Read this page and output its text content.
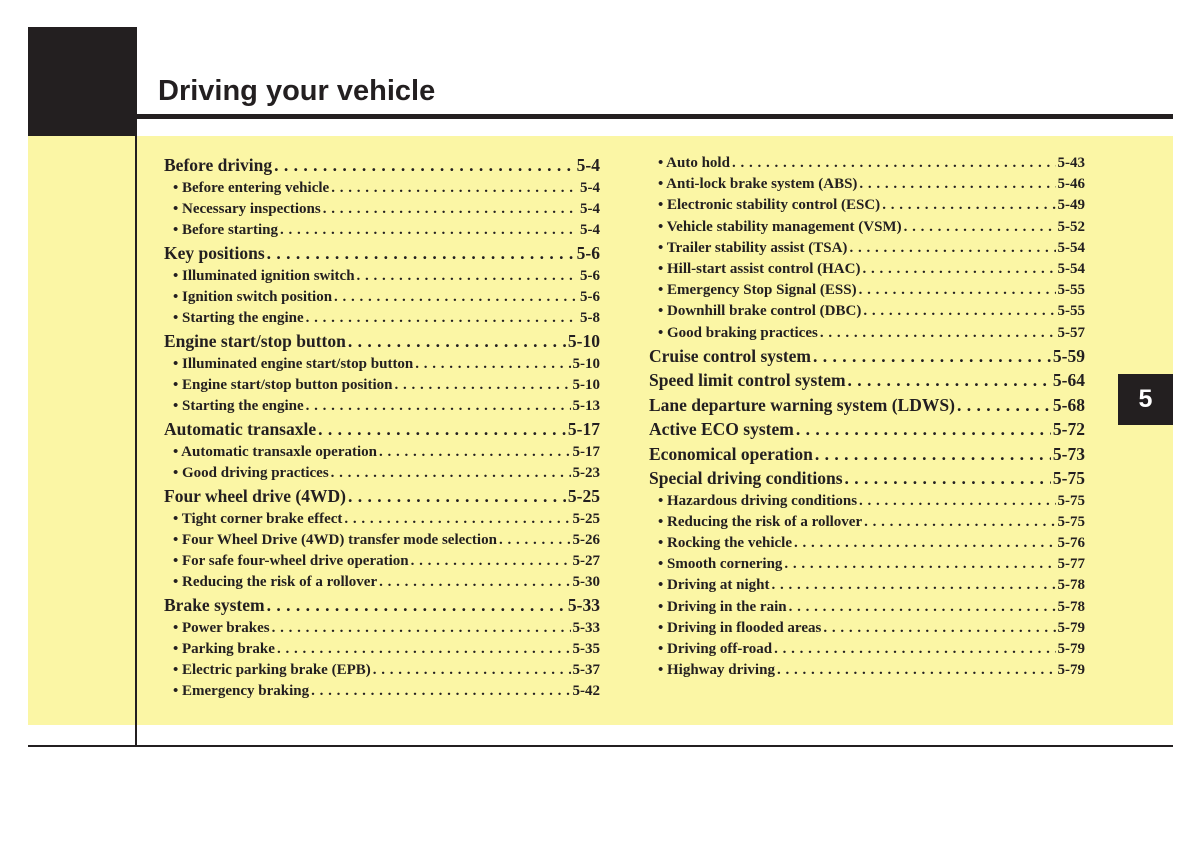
Driving your vehicle
5
Before driving . . .	5-4
• Before entering vehicle . . .	5-4
• Necessary inspections . . .	5-4
• Before starting . . .	5-4
Key positions . . .	5-6
• Illuminated ignition switch . . .	5-6
• Ignition switch position . . .	5-6
• Starting the engine . . .	5-8
Engine start/stop button . . .	5-10
• Illuminated engine start/stop button . . .	5-10
• Engine start/stop button position . . .	5-10
• Starting the engine . . .	5-13
Automatic transaxle . . .	5-17
• Automatic transaxle operation . . .	5-17
• Good driving practices . . .	5-23
Four wheel drive (4WD) . . .	5-25
• Tight corner brake effect . . .	5-25
• Four Wheel Drive (4WD) transfer mode selection . . .	5-26
• For safe four-wheel drive operation . . .	5-27
• Reducing the risk of a rollover . . .	5-30
Brake system . . .	5-33
• Power brakes . . .	5-33
• Parking brake . . .	5-35
• Electric parking brake (EPB) . . .	5-37
• Emergency braking . . .	5-42
• Auto hold . . .	5-43
• Anti-lock brake system (ABS) . . .	5-46
• Electronic stability control (ESC) . . .	5-49
• Vehicle stability management (VSM) . . .	5-52
• Trailer stability assist (TSA) . . .	5-54
• Hill-start assist control (HAC) . . .	5-54
• Emergency Stop Signal (ESS) . . .	5-55
• Downhill brake control (DBC) . . .	5-55
• Good braking practices . . .	5-57
Cruise control system . . .	5-59
Speed limit control system . . .	5-64
Lane departure warning system (LDWS) . . .	5-68
Active ECO system . . .	5-72
Economical operation . . .	5-73
Special driving conditions . . .	5-75
• Hazardous driving conditions . . .	5-75
• Reducing the risk of a rollover . . .	5-75
• Rocking the vehicle . . .	5-76
• Smooth cornering . . .	5-77
• Driving at night . . .	5-78
• Driving in the rain . . .	5-78
• Driving in flooded areas . . .	5-79
• Driving off-road . . .	5-79
• Highway driving . . .	5-79
